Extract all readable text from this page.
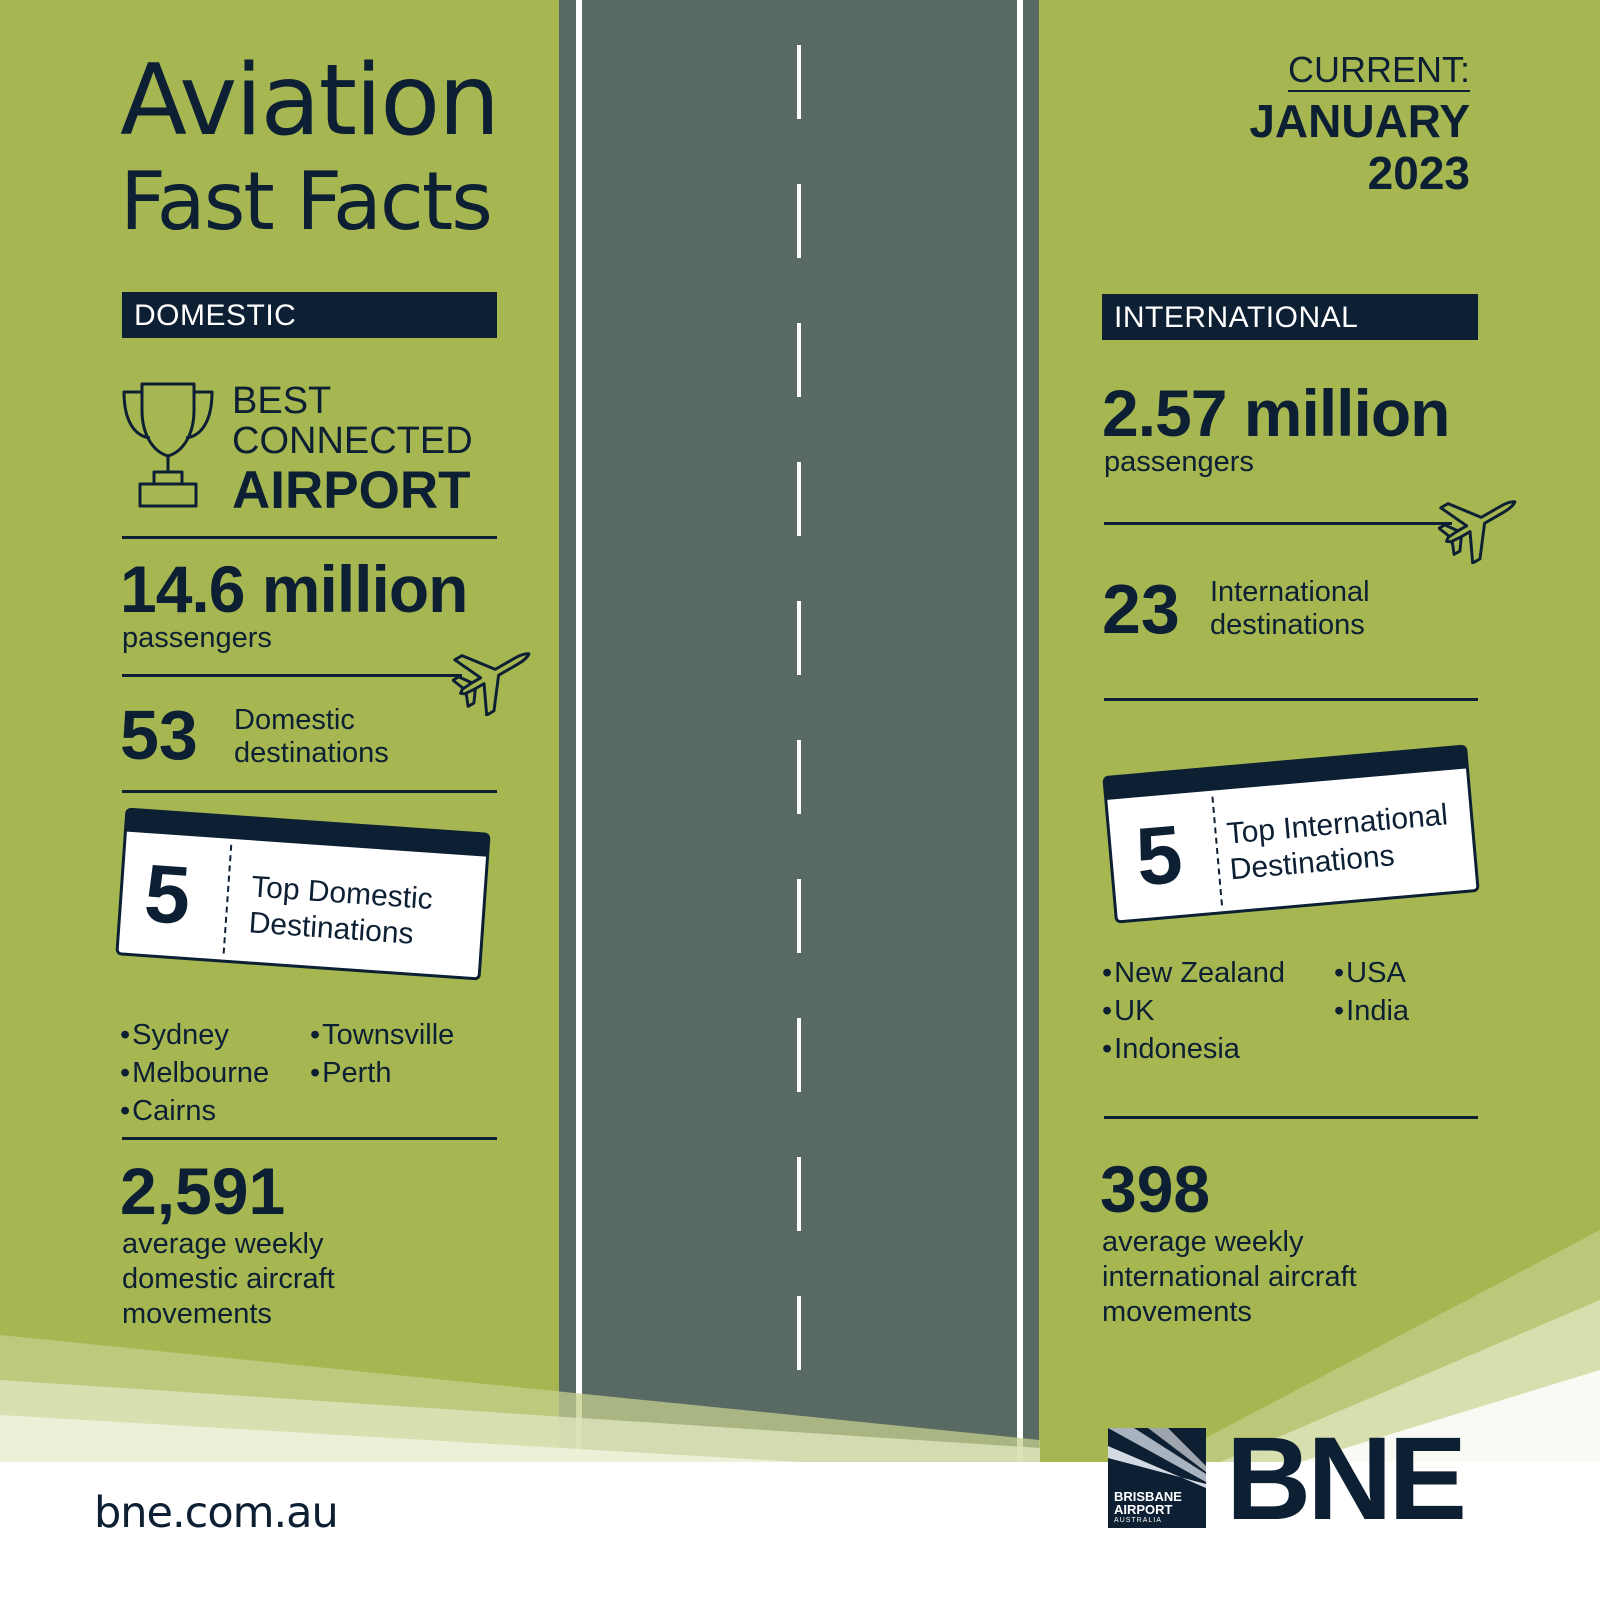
Aviation
Fast Facts
CURRENT:
JANUARY
2023
DOMESTIC
BEST
CONNECTED
AIRPORT
14.6 million
passengers
53 Domestic
destinations
5 Top Domestic
Destinations
• Sydney
• Melbourne
• Cairns
• Townsville
• Perth
2,591
average weekly
domestic aircraft
movements
INTERNATIONAL
2.57 million
passengers
23 International
destinations
5 Top International
Destinations
• New Zealand
• UK
• Indonesia
• USA
• India
398
average weekly
international aircraft
movements
bne.com.au	BRISBANE
AIRPORT
AUSTRALIA BNE
